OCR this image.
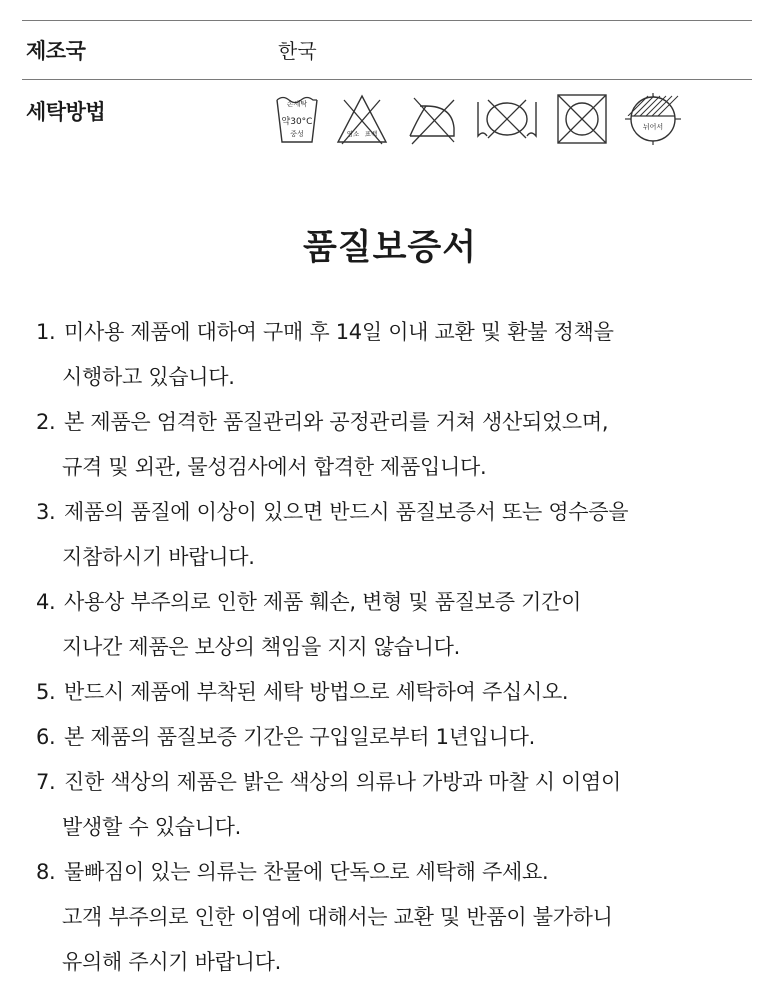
제조국	한국
세탁방법	손세탁
약30°C
중성	염소 표백
뉘어서
품질보증서
1. 미사용 제품에 대하여 구매 후 14일 이내 교환 및 환불 정책을
시행하고 있습니다.
2. 본 제품은 엄격한 품질관리와 공정관리를 거쳐 생산되었으며,
규격 및 외관, 물성검사에서 합격한 제품입니다.
3. 제품의 품질에 이상이 있으면 반드시 품질보증서 또는 영수증을
지참하시기 바랍니다.
4. 사용상 부주의로 인한 제품 훼손, 변형 및 품질보증 기간이
지나간 제품은 보상의 책임을 지지 않습니다.
5. 반드시 제품에 부착된 세탁 방법으로 세탁하여 주십시오.
6. 본 제품의 품질보증 기간은 구입일로부터 1년입니다.
7. 진한 색상의 제품은 밝은 색상의 의류나 가방과 마찰 시 이염이
발생할 수 있습니다.
8. 물빠짐이 있는 의류는 찬물에 단독으로 세탁해 주세요.
고객 부주의로 인한 이염에 대해서는 교환 및 반품이 불가하니
유의해 주시기 바랍니다.
